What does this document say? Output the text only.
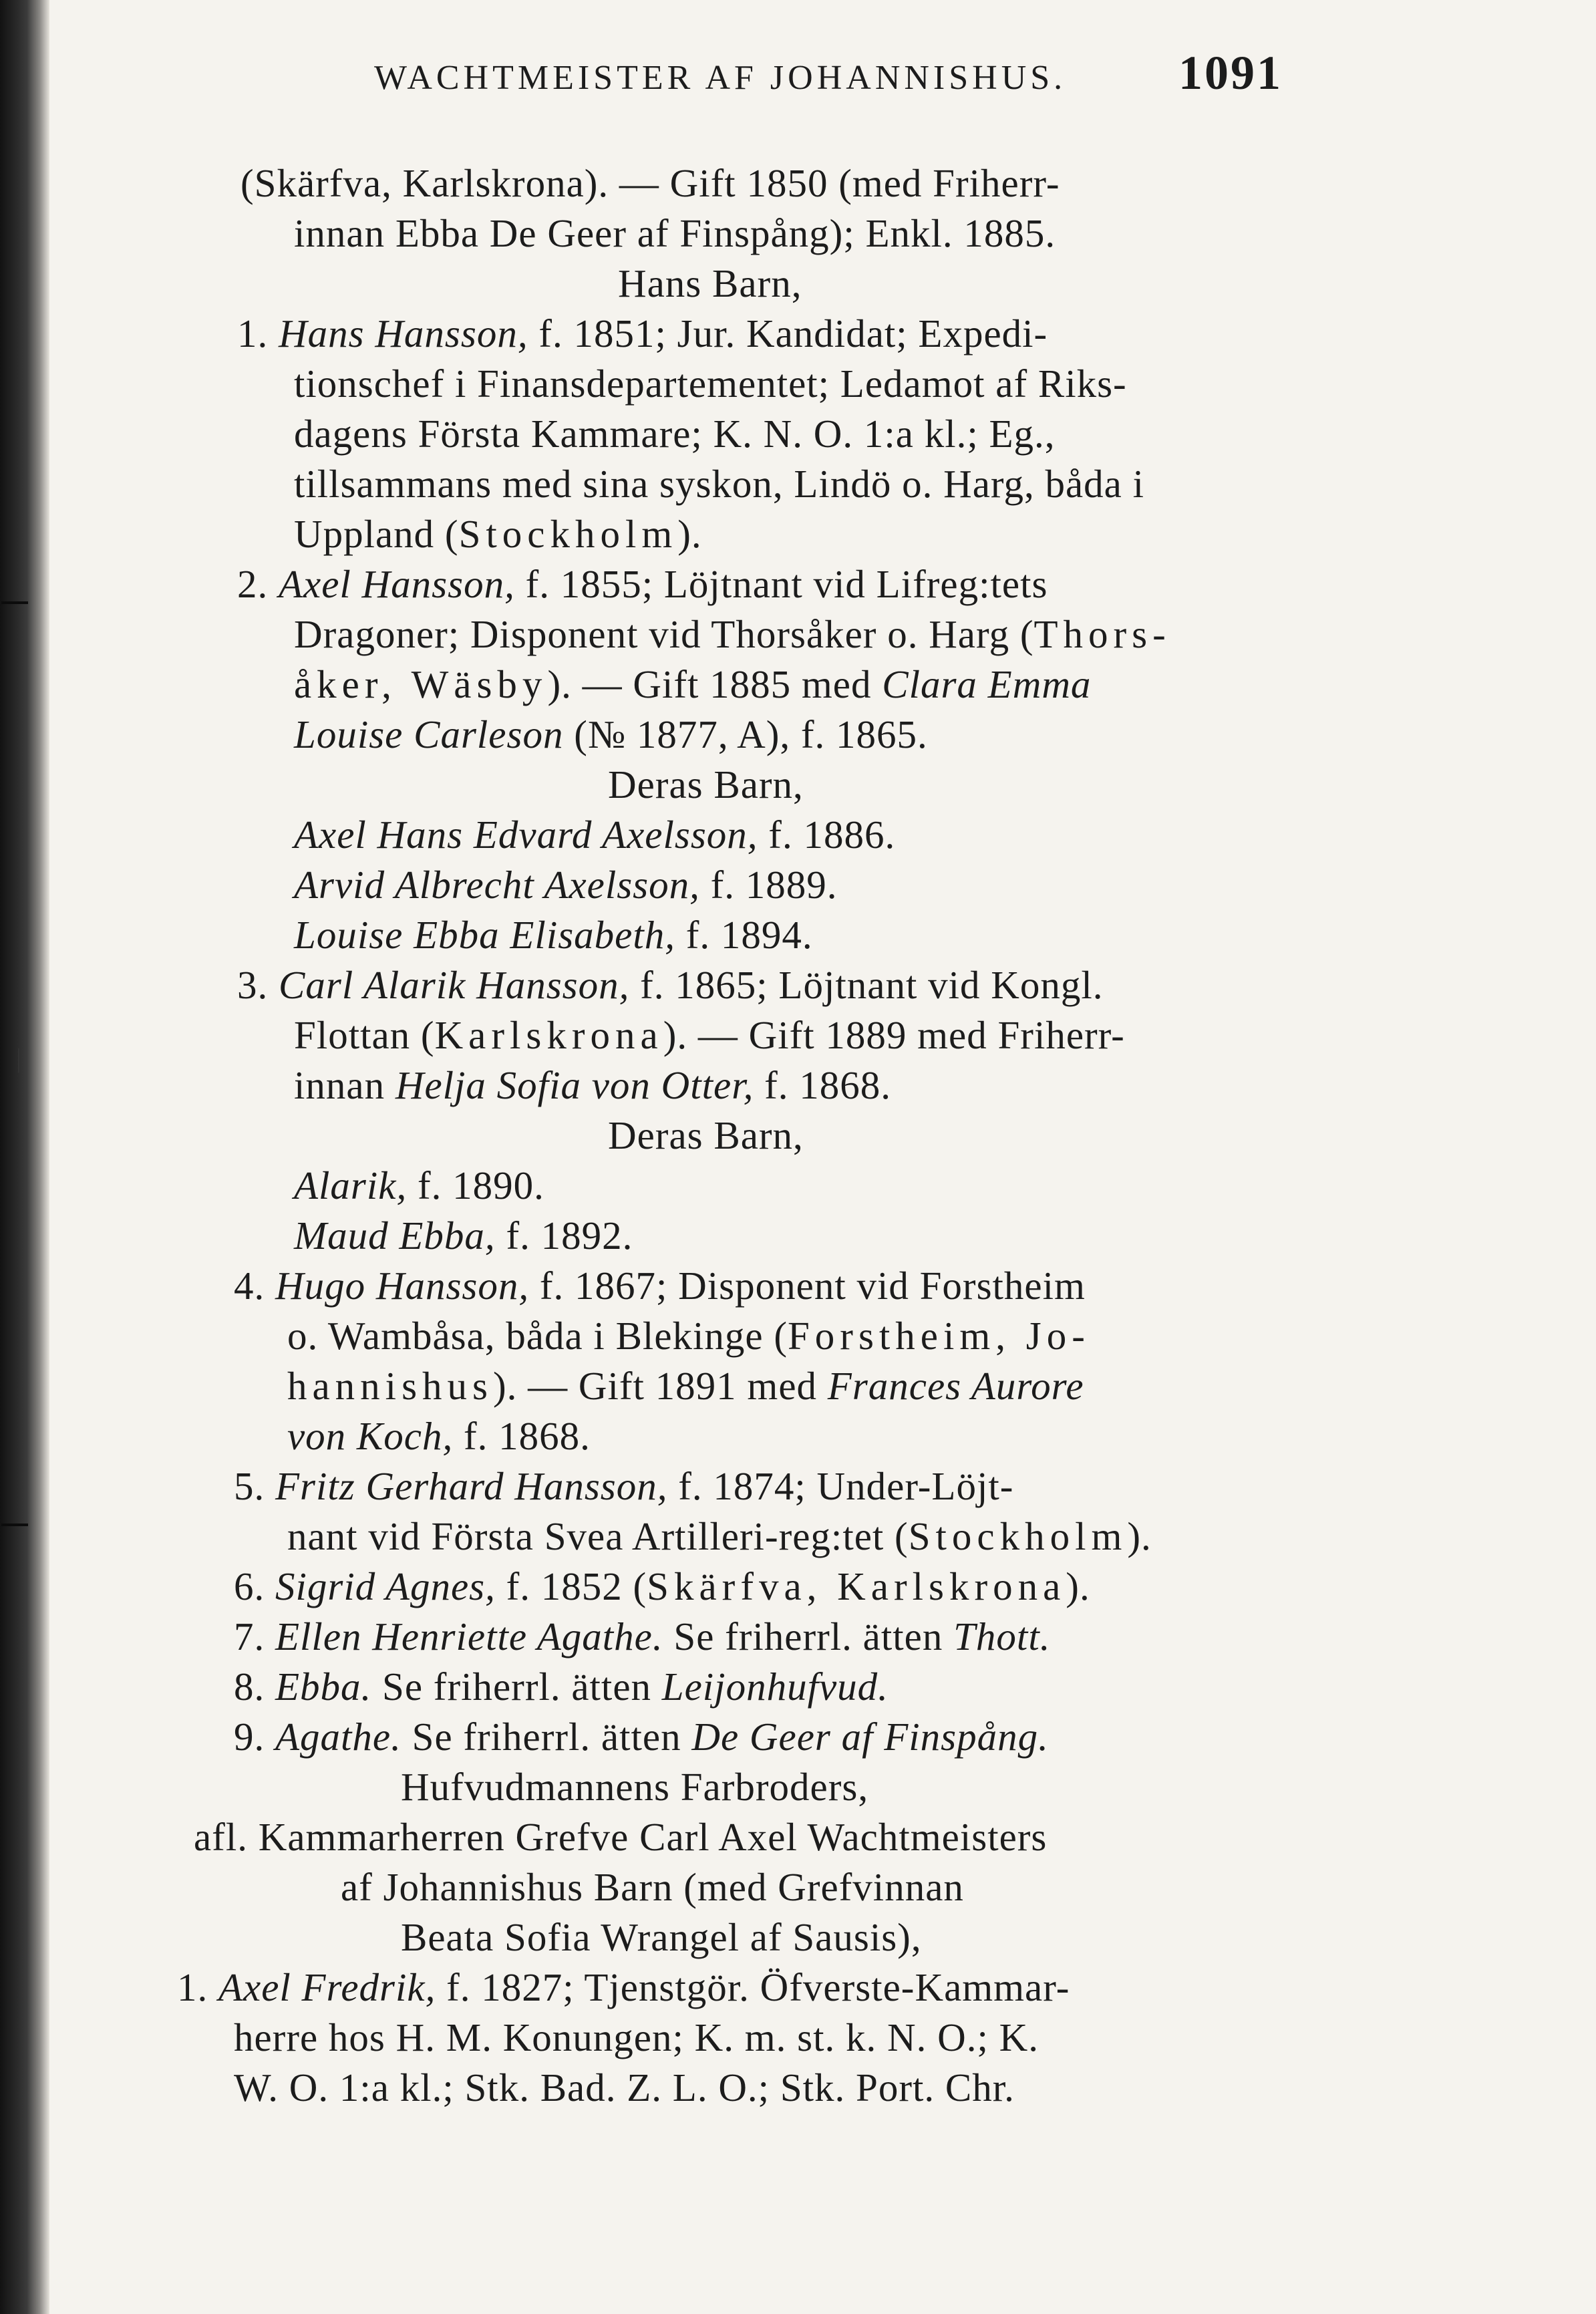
|
WACHTMEISTER AF JOHANNISHUS. 1091
(Skärfva, Karlskrona). — Gift 1850 (med Friherr-
innan Ebba De Geer af Finspång); Enkl. 1885.
Hans Barn,
1. Hans Hansson, f. 1851; Jur. Kandidat; Expedi-
tionschef i Finansdepartementet; Ledamot af Riks-
dagens Första Kammare; K. N. O. 1:a kl.; Eg.,
tillsammans med sina syskon, Lindö o. Harg, båda i
Uppland (Stockholm).
2. Axel Hansson, f. 1855; Löjtnant vid Lifreg:tets
Dragoner; Disponent vid Thorsåker o. Harg (Thors-
åker, Wäsby). — Gift 1885 med Clara Emma
Louise Carleson (№ 1877, A), f. 1865.
Deras Barn,
Axel Hans Edvard Axelsson, f. 1886.
Arvid Albrecht Axelsson, f. 1889.
Louise Ebba Elisabeth, f. 1894.
3. Carl Alarik Hansson, f. 1865; Löjtnant vid Kongl.
Flottan (Karlskrona). — Gift 1889 med Friherr-
innan Helja Sofia von Otter, f. 1868.
Deras Barn,
Alarik, f. 1890.
Maud Ebba, f. 1892.
4. Hugo Hansson, f. 1867; Disponent vid Forstheim
o. Wambåsa, båda i Blekinge (Forstheim, Jo-
hannishus). — Gift 1891 med Frances Aurore
von Koch, f. 1868.
5. Fritz Gerhard Hansson, f. 1874; Under-Löjt-
nant vid Första Svea Artilleri-reg:tet (Stockholm).
6. Sigrid Agnes, f. 1852 (Skärfva, Karlskrona).
7. Ellen Henriette Agathe. Se friherrl. ätten Thott.
8. Ebba. Se friherrl. ätten Leijonhufvud.
9. Agathe. Se friherrl. ätten De Geer af Finspång.
Hufvudmannens Farbroders,
afl. Kammarherren Grefve Carl Axel Wachtmeisters
af Johannishus Barn (med Grefvinnan
Beata Sofia Wrangel af Sausis),
1. Axel Fredrik, f. 1827; Tjenstgör. Öfverste-Kammar-
herre hos H. M. Konungen; K. m. st. k. N. O.; K.
W. O. 1:a kl.; Stk. Bad. Z. L. O.; Stk. Port. Chr.
